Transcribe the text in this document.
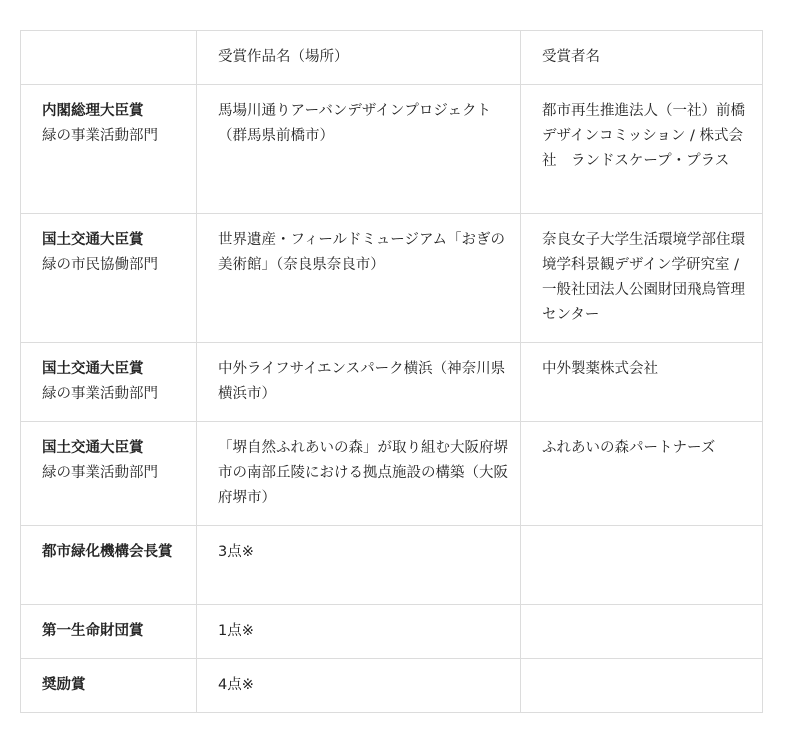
	受賞作品名（場所）	受賞者名

内閣総理大臣賞
緑の事業活動部門	馬場川通りアーバンデザインプロジェクト（群馬県前橋市）	都市再生推進法人（一社）前橋デザインコミッション / 株式会社　ランドスケープ・プラス

国土交通大臣賞
緑の市民協働部門	世界遺産・フィールドミュージアム「おぎの美術館」（奈良県奈良市）	奈良女子大学生活環境学部住環境学科景観デザイン学研究室 / 一般社団法人公園財団飛鳥管理センター

国土交通大臣賞
緑の事業活動部門	中外ライフサイエンスパーク横浜（神奈川県横浜市）	中外製薬株式会社

国土交通大臣賞
緑の事業活動部門	「堺自然ふれあいの森」が取り組む大阪府堺市の南部丘陵における拠点施設の構築（大阪府堺市）	ふれあいの森パートナーズ

都市緑化機構会長賞	3点※	

第一生命財団賞	1点※	

奨励賞	4点※	
